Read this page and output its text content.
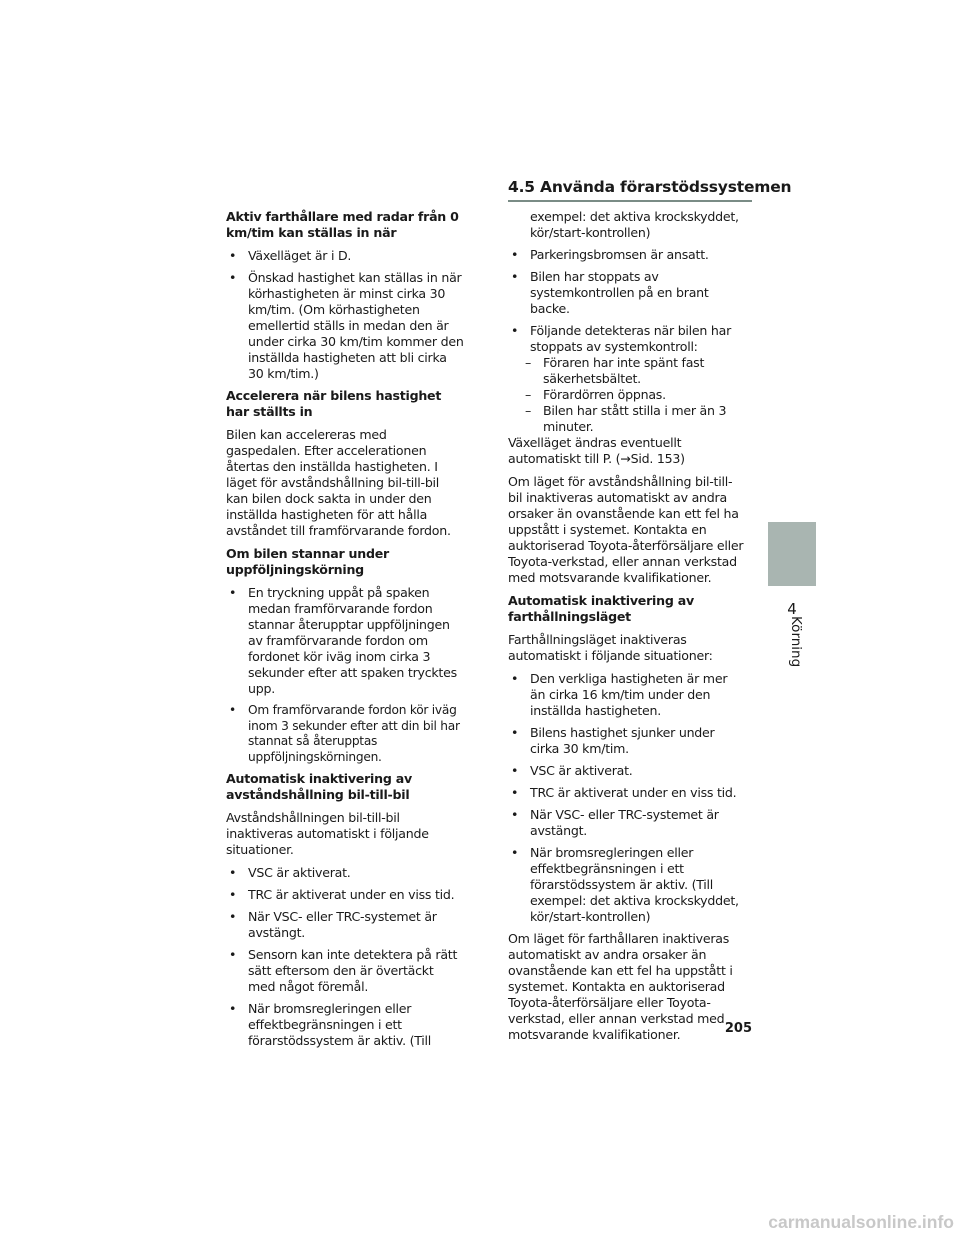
4.5 Använda förarstödssystemen
Aktiv farthållare med radar från 0 km/tim kan ställas in när
• Växelläget är i D.
• Önskad hastighet kan ställas in när körhastigheten är minst cirka 30 km/tim. (Om körhastigheten emellertid ställs in medan den är under cirka 30 km/tim kommer den inställda hastigheten att bli cirka 30 km/tim.)
Accelerera när bilens hastighet har ställts in
Bilen kan accelereras med gaspedalen. Efter accelerationen återtas den inställda hastigheten. I läget för avståndshållning bil-till-bil kan bilen dock sakta in under den inställda hastigheten för att hålla avståndet till framförvarande fordon.
Om bilen stannar under uppföljningskörning
• En tryckning uppåt på spaken medan framförvarande fordon stannar återupptar uppföljningen av framförvarande fordon om fordonet kör iväg inom cirka 3 sekunder efter att spaken trycktes upp.
• Om framförvarande fordon kör iväg inom 3 sekunder efter att din bil har stannat så återupptas uppföljningskörningen.
Automatisk inaktivering av avståndshållning bil-till-bil
Avståndshållningen bil-till-bil inaktiveras automatiskt i följande situationer.
• VSC är aktiverat.
• TRC är aktiverat under en viss tid.
• När VSC- eller TRC-systemet är avstängt.
• Sensorn kan inte detektera på rätt sätt eftersom den är övertäckt med något föremål.
• När bromsregleringen eller effektbegränsningen i ett förarstödssystem är aktiv. (Till
exempel: det aktiva krockskyddet, kör/start-kontrollen)
• Parkeringsbromsen är ansatt.
• Bilen har stoppats av systemkontrollen på en brant backe.
• Följande detekteras när bilen har stoppats av systemkontroll:
– Föraren har inte spänt fast säkerhetsbältet.
– Förardörren öppnas.
– Bilen har stått stilla i mer än 3 minuter.
Växelläget ändras eventuellt automatiskt till P. (→Sid. 153)
Om läget för avståndshållning bil-till-bil inaktiveras automatiskt av andra orsaker än ovanstående kan ett fel ha uppstått i systemet. Kontakta en auktoriserad Toyota-återförsäljare eller Toyota-verkstad, eller annan verkstad med motsvarande kvalifikationer.
Automatisk inaktivering av farthållningsläget
Farthållningsläget inaktiveras automatiskt i följande situationer:
• Den verkliga hastigheten är mer än cirka 16 km/tim under den inställda hastigheten.
• Bilens hastighet sjunker under cirka 30 km/tim.
• VSC är aktiverat.
• TRC är aktiverat under en viss tid.
• När VSC- eller TRC-systemet är avstängt.
• När bromsregleringen eller effektbegränsningen i ett förarstödssystem är aktiv. (Till exempel: det aktiva krockskyddet, kör/start-kontrollen)
Om läget för farthållaren inaktiveras automatiskt av andra orsaker än ovanstående kan ett fel ha uppstått i systemet. Kontakta en auktoriserad Toyota-återförsäljare eller Toyota-verkstad, eller annan verkstad med motsvarande kvalifikationer.
4
Körning
205
carmanualsonline.info
